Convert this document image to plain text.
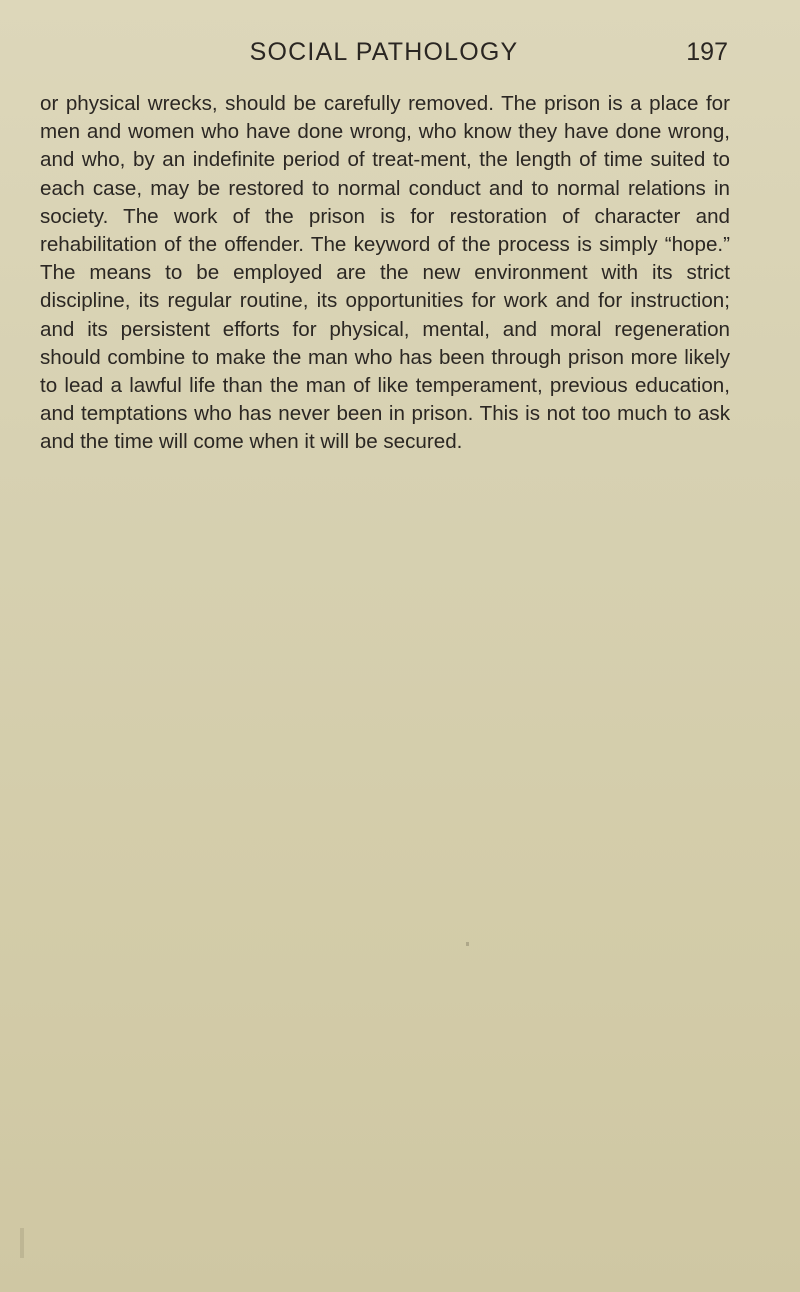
SOCIAL PATHOLOGY	197

or physical wrecks, should be carefully removed. The prison is a place for men and women who have done wrong, who know they have done wrong, and who, by an indefinite period of treat-ment, the length of time suited to each case, may be restored to normal conduct and to normal relations in society. The work of the prison is for restoration of character and rehabilitation of the offender. The keyword of the process is simply “hope.” The means to be employed are the new environment with its strict discipline, its regular routine, its opportunities for work and for instruction; and its persistent efforts for physical, mental, and moral regeneration should combine to make the man who has been through prison more likely to lead a lawful life than the man of like temperament, previous education, and temptations who has never been in prison. This is not too much to ask and the time will come when it will be secured.
